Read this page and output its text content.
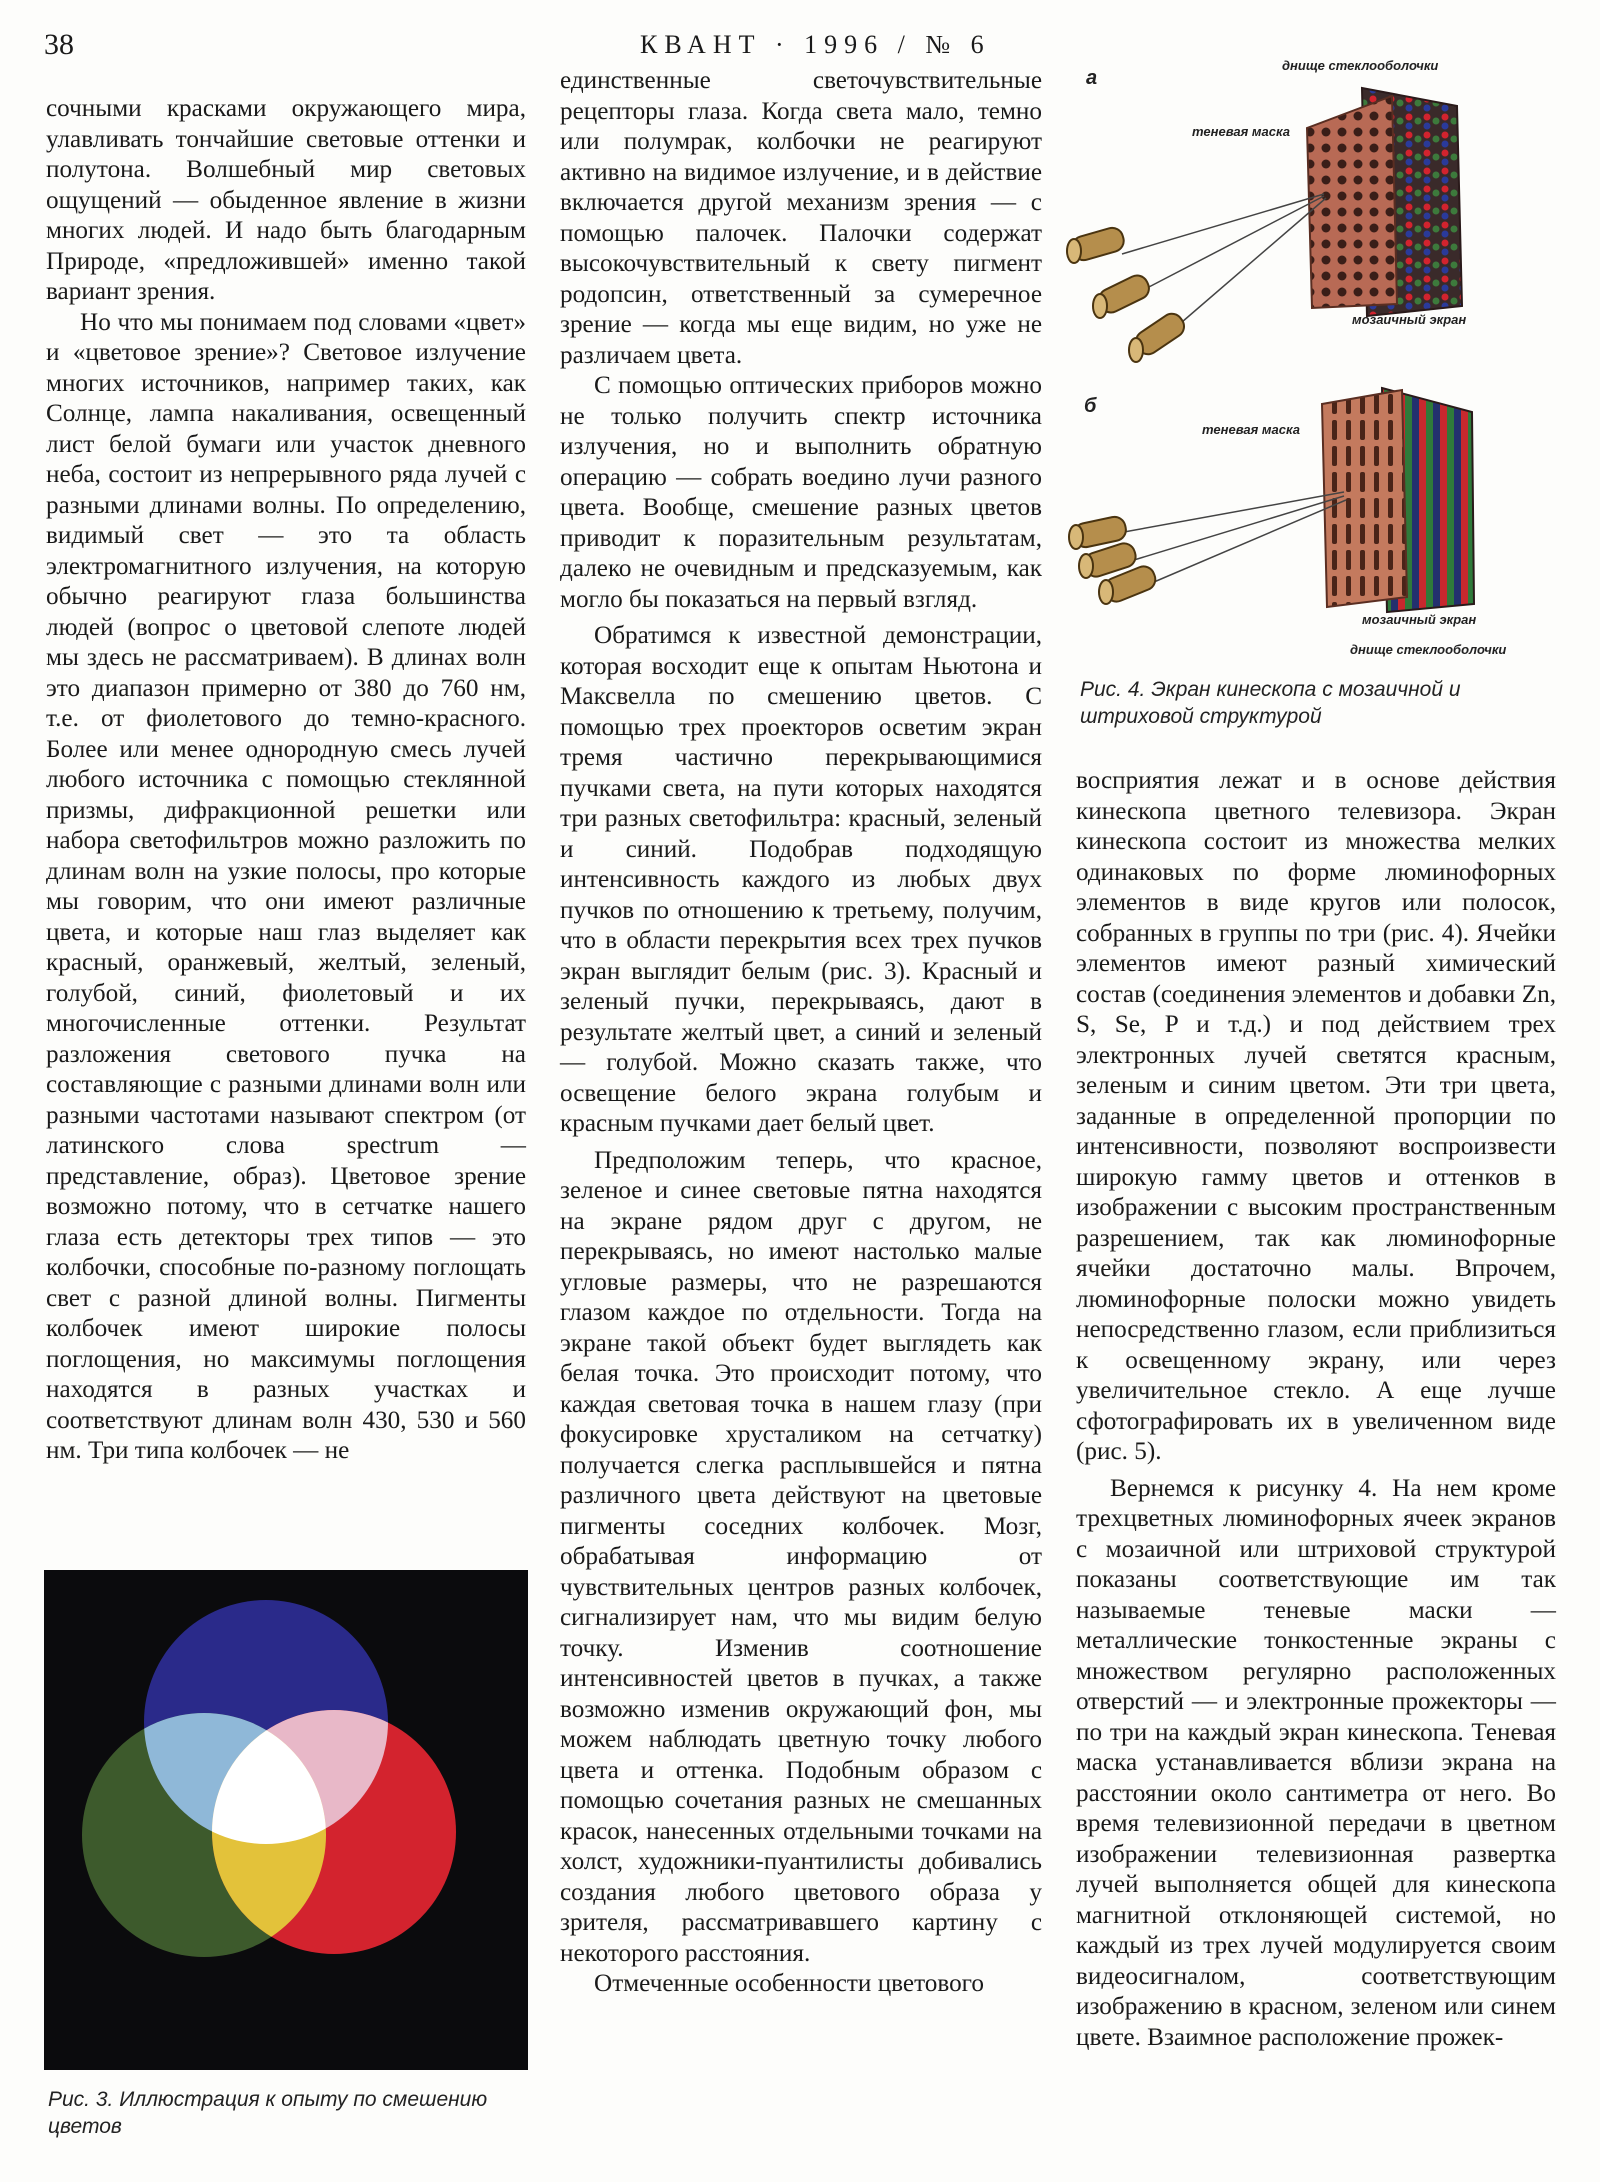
38	КВАНТ · 1996 / № 6

сочными красками окружающего мира, улавливать тончайшие световые оттенки и полутона. Волшебный мир световых ощущений — обыденное явление в жизни многих людей. И надо быть благодарным Природе, «предложившей» именно такой вариант зрения.

Но что мы понимаем под словами «цвет» и «цветовое зрение»? Световое излучение многих источников, например таких, как Солнце, лампа накаливания, освещенный лист белой бумаги или участок дневного неба, состоит из непрерывного ряда лучей с разными длинами волны. По определению, видимый свет — это та область электромагнитного излучения, на которую обычно реагируют глаза большинства людей (вопрос о цветовой слепоте людей мы здесь не рассматриваем). В длинах волн это диапазон примерно от 380 до 760 нм, т.е. от фиолетового до темно-красного. Более или менее однородную смесь лучей любого источника с помощью стеклянной призмы, дифракционной решетки или набора светофильтров можно разложить по длинам волн на узкие полосы, про которые мы говорим, что они имеют различные цвета, и которые наш глаз выделяет как красный, оранжевый, желтый, зеленый, голубой, синий, фиолетовый и их многочисленные оттенки. Результат разложения светового пучка на составляющие с разными длинами волн или разными частотами называют спектром (от латинского слова spectrum — представление, образ). Цветовое зрение возможно потому, что в сетчатке нашего глаза есть детекторы трех типов — это колбочки, способные по-разному поглощать свет с разной длиной волны. Пигменты колбочек имеют широкие полосы поглощения, но максимумы поглощения находятся в разных участках и соответствуют длинам волн 430, 530 и 560 нм. Три типа колбочек — не

Рис. 3. Иллюстрация к опыту по смешению цветов

единственные светочувствительные рецепторы глаза. Когда света мало, темно или полумрак, колбочки не реагируют активно на видимое излучение, и в действие включается другой механизм зрения — с помощью палочек. Палочки содержат высокочувствительный к свету пигмент родопсин, ответственный за сумеречное зрение — когда мы еще видим, но уже не различаем цвета.

С помощью оптических приборов можно не только получить спектр источника излучения, но и выполнить обратную операцию — собрать воедино лучи разного цвета. Вообще, смешение разных цветов приводит к поразительным результатам, далеко не очевидным и предсказуемым, как могло бы показаться на первый взгляд.

Обратимся к известной демонстрации, которая восходит еще к опытам Ньютона и Максвелла по смешению цветов. С помощью трех проекторов осветим экран тремя частично перекрывающимися пучками света, на пути которых находятся три разных светофильтра: красный, зеленый и синий. Подобрав подходящую интенсивность каждого из любых двух пучков по отношению к третьему, получим, что в области перекрытия всех трех пучков экран выглядит белым (рис. 3). Красный и зеленый пучки, перекрываясь, дают в результате желтый цвет, а синий и зеленый — голубой. Можно сказать также, что освещение белого экрана голубым и красным пучками дает белый цвет.

Предположим теперь, что красное, зеленое и синее световые пятна находятся на экране рядом друг с другом, не перекрываясь, но имеют настолько малые угловые размеры, что не разрешаются глазом каждое по отдельности. Тогда на экране такой объект будет выглядеть как белая точка. Это происходит потому, что каждая световая точка в нашем глазу (при фокусировке хрусталиком на сетчатку) получается слегка расплывшейся и пятна различного цвета действуют на цветовые пигменты соседних колбочек. Мозг, обрабатывая информацию от чувствительных центров разных колбочек, сигнализирует нам, что мы видим белую точку. Изменив соотношение интенсивностей цветов в пучках, а также возможно изменив окружающий фон, мы можем наблюдать цветную точку любого цвета и оттенка. Подобным образом с помощью сочетания разных не смешанных красок, нанесенных отдельными точками на холст, художники-пуантилисты добивались создания любого цветового образа у зрителя, рассматривавшего картину с некоторого расстояния.

Отмеченные особенности цветового

а
днище стеклооболочки
теневая маска
мозаичный экран
б
теневая маска
мозаичный экран
днище стеклооболочки
Рис. 4. Экран кинескопа с мозаичной и штриховой структурой

восприятия лежат и в основе действия кинескопа цветного телевизора. Экран кинескопа состоит из множества мелких одинаковых по форме люминофорных элементов в виде кругов или полосок, собранных в группы по три (рис. 4). Ячейки элементов имеют разный химический состав (соединения элементов и добавки Zn, S, Se, P и т.д.) и под действием трех электронных лучей светятся красным, зеленым и синим цветом. Эти три цвета, заданные в определенной пропорции по интенсивности, позволяют воспроизвести широкую гамму цветов и оттенков в изображении с высоким пространственным разрешением, так как люминофорные ячейки достаточно малы. Впрочем, люминофорные полоски можно увидеть непосредственно глазом, если приблизиться к освещенному экрану, или через увеличительное стекло. А еще лучше сфотографировать их в увеличенном виде (рис. 5).

Вернемся к рисунку 4. На нем кроме трехцветных люминофорных ячеек экранов с мозаичной или штриховой структурой показаны соответствующие им так называемые теневые маски — металлические тонкостенные экраны с множеством регулярно расположенных отверстий — и электронные прожекторы — по три на каждый экран кинескопа. Теневая маска устанавливается вблизи экрана на расстоянии около сантиметра от него. Во время телевизионной передачи в цветном изображении телевизионная развертка лучей выполняется общей для кинескопа магнитной отклоняющей системой, но каждый из трех лучей модулируется своим видеосигналом, соответствующим изображению в красном, зеленом или синем цвете. Взаимное расположение прожек-
